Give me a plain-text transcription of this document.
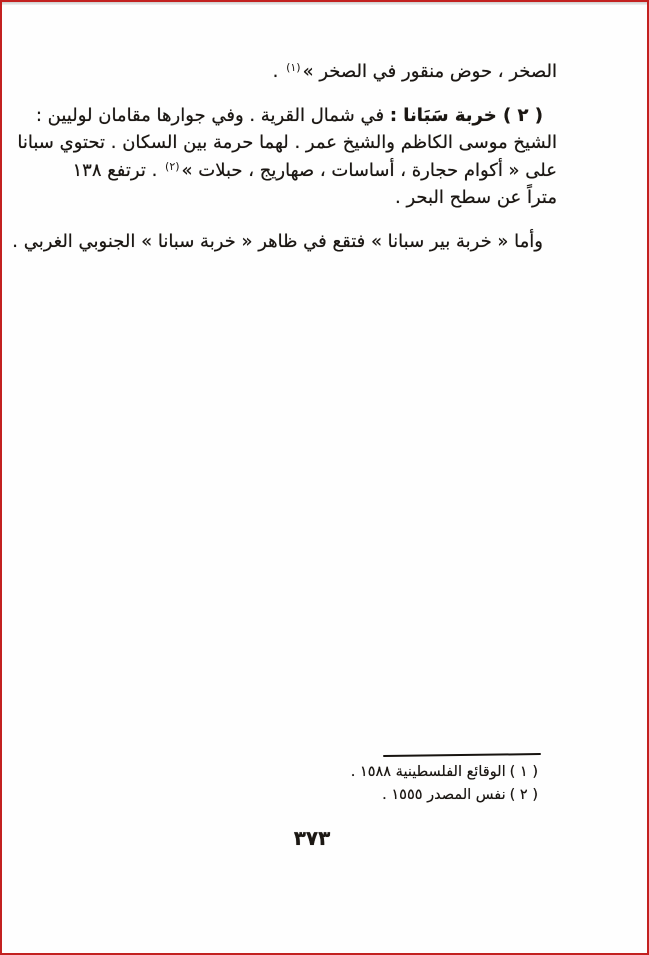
الصخر ، حوض منقور في الصخر »$^{(١)}$ .

( ٢ ) خربة سَبَانا : في شمال القرية . وفي جوارها مقامان لوليين :
الشيخ موسى الكاظم والشيخ عمر . لهما حرمة بين السكان . تحتوي سبانا
على « أكوام حجارة ، أساسات ، صهاريج ، حبلات »$^{(٢)}$ . ترتفع ١٣٨
متراً عن سطح البحر .

وأما « خربة بير سبانا » فتقع في ظاهر « خربة سبانا » الجنوبي الغربي .

( ١ )الوقائع الفلسطينية ١٥٨٨ .
( ٢ )نفس المصدر ١٥٥٥ .
٣٧٣
